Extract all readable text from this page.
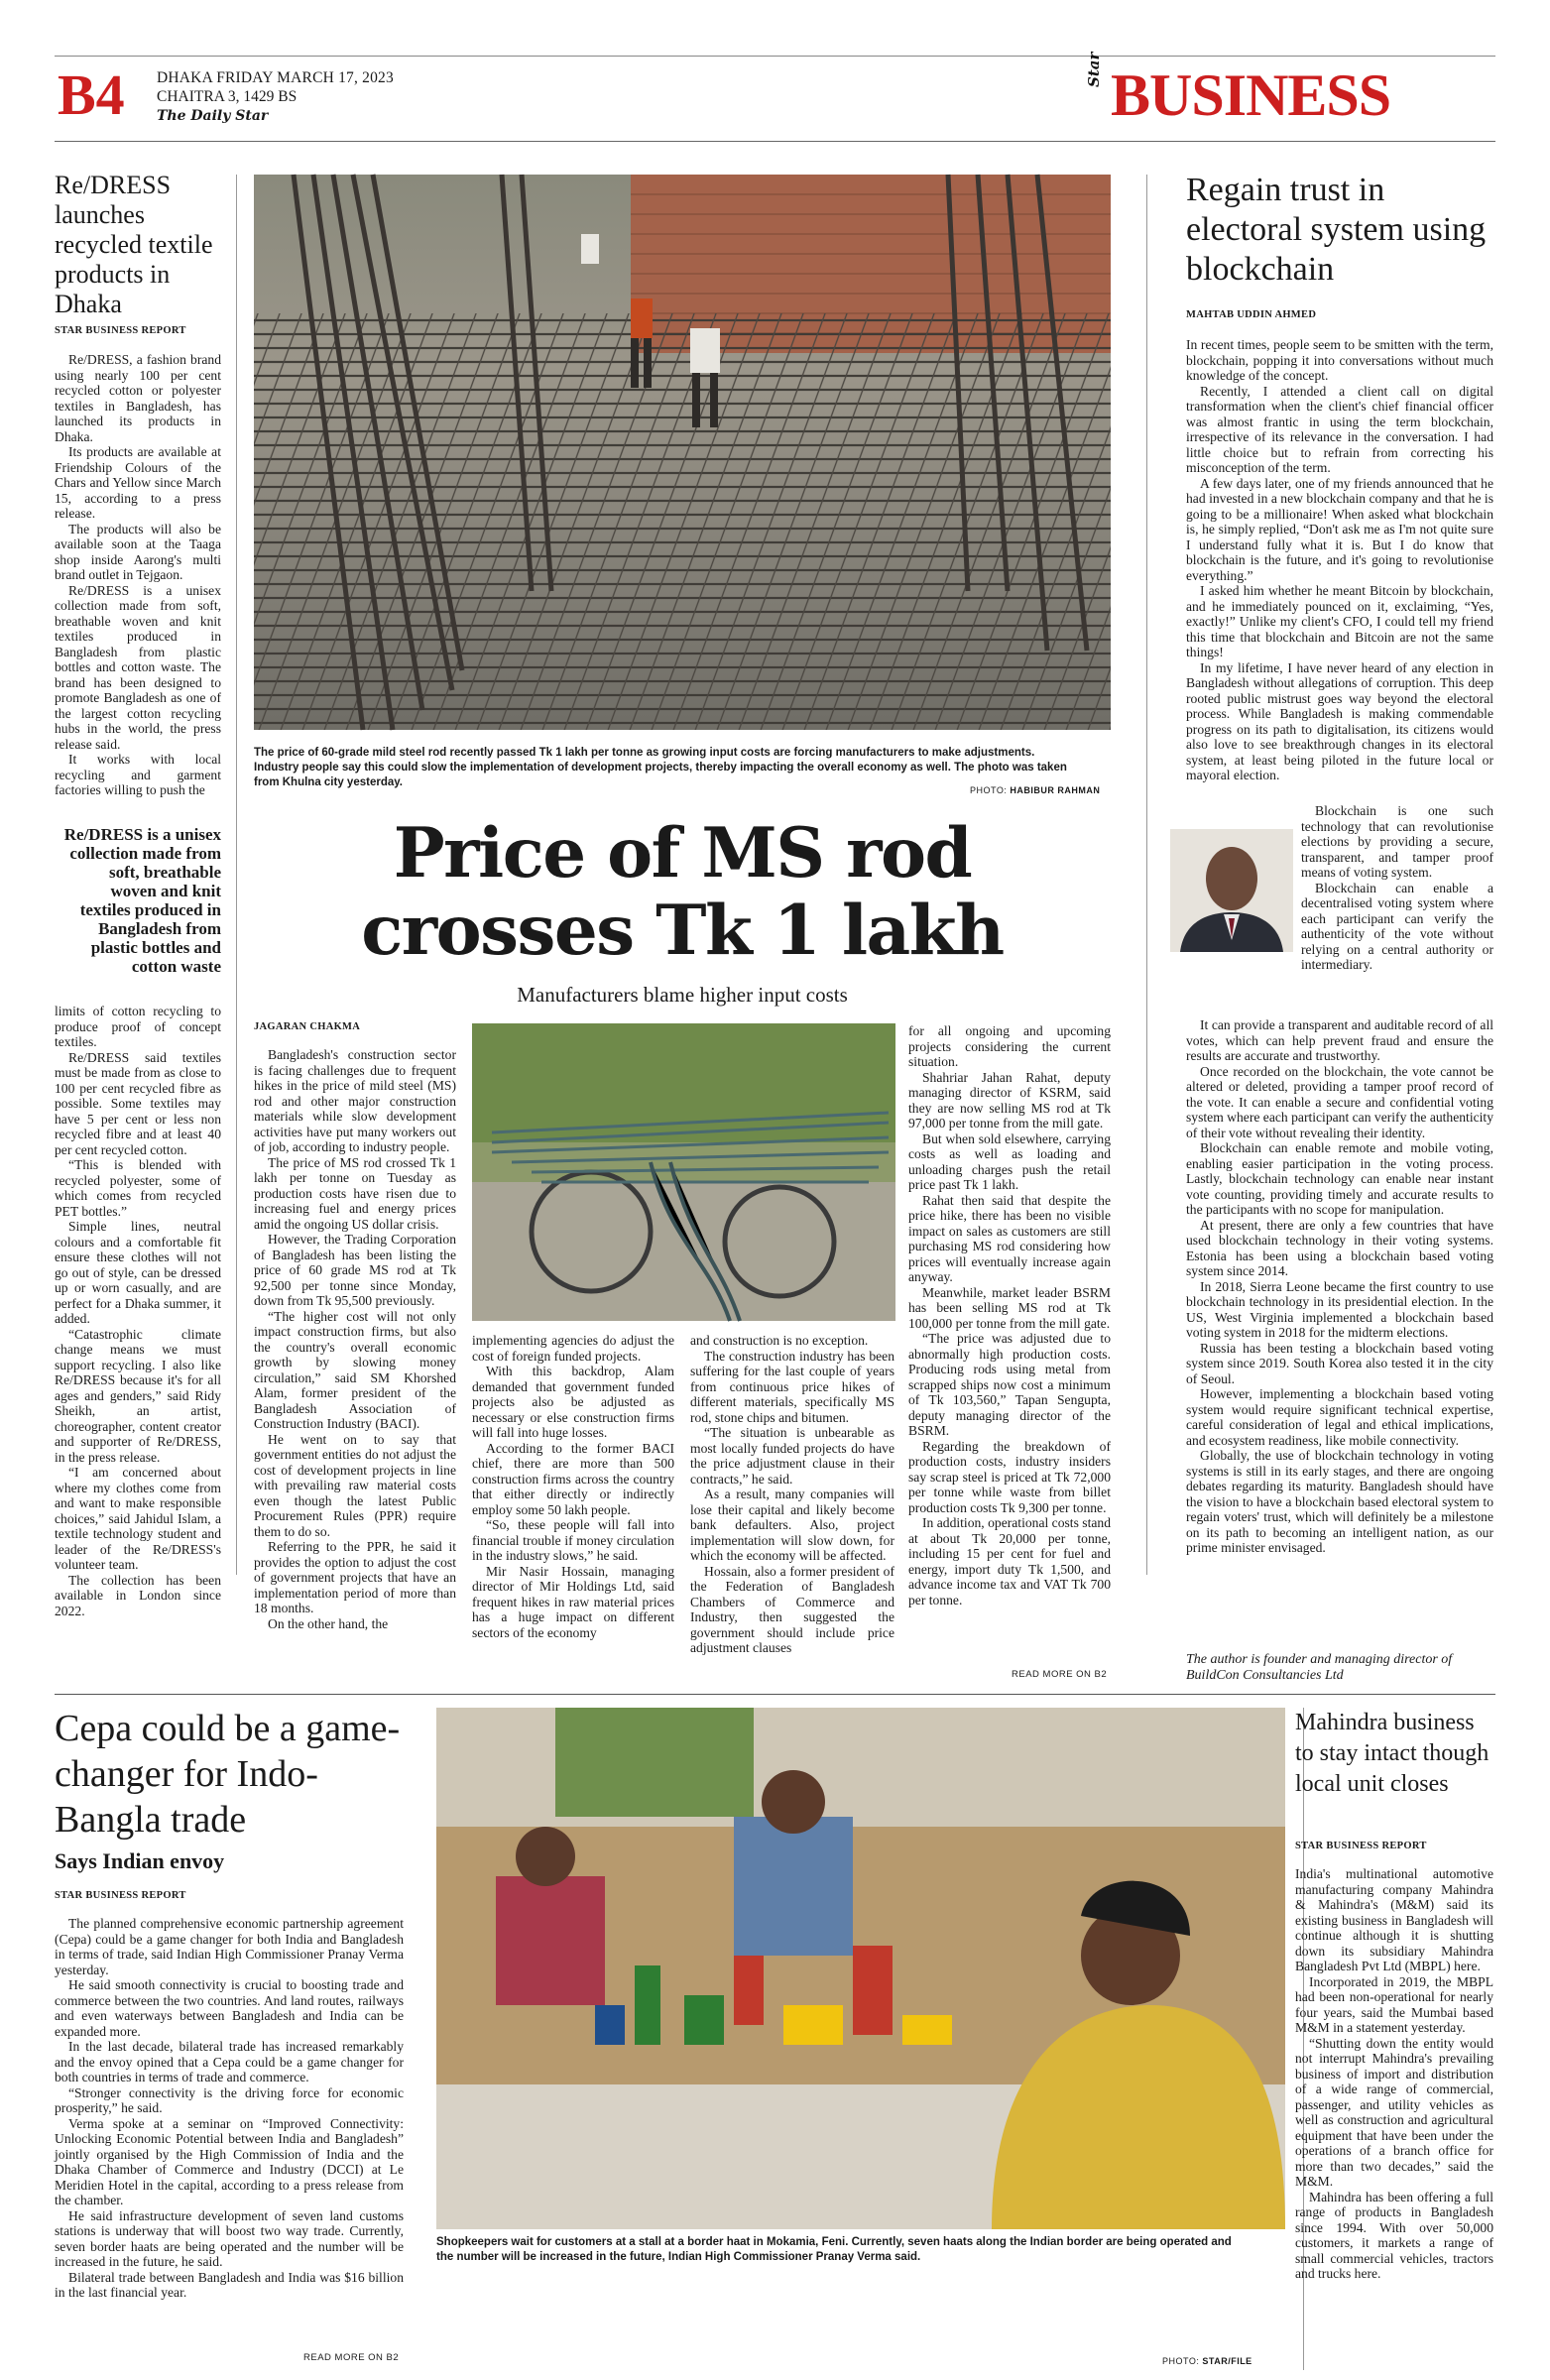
B4 DHAKA FRIDAY MARCH 17, 2023
CHAITRA 3, 1429 BS
The Daily Star
Star BUSINESS
Re/DRESS launches recycled textile products in Dhaka
STAR BUSINESS REPORT

Re/DRESS, a fashion brand using nearly 100 per cent recycled cotton or polyester textiles in Bangladesh, has launched its products in Dhaka.

Its products are available at Friendship Colours of the Chars and Yellow since March 15, according to a press release.

The products will also be available soon at the Taaga shop inside Aarong's multi brand outlet in Tejgaon.

Re/DRESS is a unisex collection made from soft, breathable woven and knit textiles produced in Bangladesh from plastic bottles and cotton waste. The brand has been designed to promote Bangladesh as one of the largest cotton recycling hubs in the world, the press release said.

It works with local recycling and garment factories willing to push the

Re/DRESS is a unisex collection made from soft, breathable woven and knit textiles produced in Bangladesh from plastic bottles and cotton waste

limits of cotton recycling to produce proof of concept textiles.

Re/DRESS said textiles must be made from as close to 100 per cent recycled fibre as possible. Some textiles may have 5 per cent or less non recycled fibre and at least 40 per cent recycled cotton.

“This is blended with recycled polyester, some of which comes from recycled PET bottles.”

Simple lines, neutral colours and a comfortable fit ensure these clothes will not go out of style, can be dressed up or worn casually, and are perfect for a Dhaka summer, it added.

“Catastrophic climate change means we must support recycling. I also like Re/DRESS because it's for all ages and genders,” said Ridy Sheikh, an artist, choreographer, content creator and supporter of Re/DRESS, in the press release.

“I am concerned about where my clothes come from and want to make responsible choices,” said Jahidul Islam, a textile technology student and leader of the Re/DRESS's volunteer team.

The collection has been available in London since 2022.

The price of 60-grade mild steel rod recently passed Tk 1 lakh per tonne as growing input costs are forcing manufacturers to make adjustments. Industry people say this could slow the implementation of development projects, thereby impacting the overall economy as well. The photo was taken from Khulna city yesterday.
PHOTO: HABIBUR RAHMAN
Price of MS rod
crosses Tk 1 lakh
Manufacturers blame higher input costs
JAGARAN CHAKMA

Bangladesh's construction sector is facing challenges due to frequent hikes in the price of mild steel (MS) rod and other major construction materials while slow development activities have put many workers out of job, according to industry people.

The price of MS rod crossed Tk 1 lakh per tonne on Tuesday as production costs have risen due to increasing fuel and energy prices amid the ongoing US dollar crisis.

However, the Trading Corporation of Bangladesh has been listing the price of 60 grade MS rod at Tk 92,500 per tonne since Monday, down from Tk 95,500 previously.

“The higher cost will not only impact construction firms, but also the country's overall economic growth by slowing money circulation,” said SM Khorshed Alam, former president of the Bangladesh Association of Construction Industry (BACI).

He went on to say that government entities do not adjust the cost of development projects in line with prevailing raw material costs even though the latest Public Procurement Rules (PPR) require them to do so.

Referring to the PPR, he said it provides the option to adjust the cost of government projects that have an implementation period of more than 18 months.

On the other hand, the

implementing agencies do adjust the cost of foreign funded projects.

With this backdrop, Alam demanded that government funded projects also be adjusted as necessary or else construction firms will fall into huge losses.

According to the former BACI chief, there are more than 500 construction firms across the country that either directly or indirectly employ some 50 lakh people.

“So, these people will fall into financial trouble if money circulation in the industry slows,” he said.

Mir Nasir Hossain, managing director of Mir Holdings Ltd, said frequent hikes in raw material prices has a huge impact on different sectors of the economy

and construction is no exception.

The construction industry has been suffering for the last couple of years from continuous price hikes of different materials, specifically MS rod, stone chips and bitumen.

“The situation is unbearable as most locally funded projects do have the price adjustment clause in their contracts,” he said.

As a result, many companies will lose their capital and likely become bank defaulters. Also, project implementation will slow down, for which the economy will be affected.

Hossain, also a former president of the Federation of Bangladesh Chambers of Commerce and Industry, then suggested the government should include price adjustment clauses

for all ongoing and upcoming projects considering the current situation.

Shahriar Jahan Rahat, deputy managing director of KSRM, said they are now selling MS rod at Tk 97,000 per tonne from the mill gate.

But when sold elsewhere, carrying costs as well as loading and unloading charges push the retail price past Tk 1 lakh.

Rahat then said that despite the price hike, there has been no visible impact on sales as customers are still purchasing MS rod considering how prices will eventually increase again anyway.

Meanwhile, market leader BSRM has been selling MS rod at Tk 100,000 per tonne from the mill gate.

“The price was adjusted due to abnormally high production costs. Producing rods using metal from scrapped ships now cost a minimum of Tk 103,560,” Tapan Sengupta, deputy managing director of the BSRM.

Regarding the breakdown of production costs, industry insiders say scrap steel is priced at Tk 72,000 per tonne while waste from billet production costs Tk 9,300 per tonne.

In addition, operational costs stand at about Tk 20,000 per tonne, including 15 per cent for fuel and energy, import duty Tk 1,500, and advance income tax and VAT Tk 700 per tonne.

READ MORE ON B2
Regain trust in electoral system using blockchain
MAHTAB UDDIN AHMED

In recent times, people seem to be smitten with the term, blockchain, popping it into conversations without much knowledge of the concept.

Recently, I attended a client call on digital transformation when the client's chief financial officer was almost frantic in using the term blockchain, irrespective of its relevance in the conversation. I had little choice but to refrain from correcting his misconception of the term.

A few days later, one of my friends announced that he had invested in a new blockchain company and that he is going to be a millionaire! When asked what blockchain is, he simply replied, “Don't ask me as I'm not quite sure I understand fully what it is. But I do know that blockchain is the future, and it's going to revolutionise everything.”

I asked him whether he meant Bitcoin by blockchain, and he immediately pounced on it, exclaiming, “Yes, exactly!” Unlike my client's CFO, I could tell my friend this time that blockchain and Bitcoin are not the same things!

In my lifetime, I have never heard of any election in Bangladesh without allegations of corruption. This deep rooted public mistrust goes way beyond the electoral process. While Bangladesh is making commendable progress on its path to digitalisation, its citizens would also love to see breakthrough changes in its electoral system, at least being piloted in the future local or mayoral election.

Blockchain is one such technology that can revolutionise elections by providing a secure, transparent, and tamper proof means of voting system.

Blockchain can enable a decentralised voting system where each participant can verify the authenticity of the vote without relying on a central authority or intermediary.

It can provide a transparent and auditable record of all votes, which can help prevent fraud and ensure the results are accurate and trustworthy.

Once recorded on the blockchain, the vote cannot be altered or deleted, providing a tamper proof record of the vote. It can enable a secure and confidential voting system where each participant can verify the authenticity of their vote without revealing their identity.

Blockchain can enable remote and mobile voting, enabling easier participation in the voting process. Lastly, blockchain technology can enable near instant vote counting, providing timely and accurate results to the participants with no scope for manipulation.

At present, there are only a few countries that have used blockchain technology in their voting systems. Estonia has been using a blockchain based voting system since 2014.

In 2018, Sierra Leone became the first country to use blockchain technology in its presidential election. In the US, West Virginia implemented a blockchain based voting system in 2018 for the midterm elections.

Russia has been testing a blockchain based voting system since 2019. South Korea also tested it in the city of Seoul.

However, implementing a blockchain based voting system would require significant technical expertise, careful consideration of legal and ethical implications, and ecosystem readiness, like mobile connectivity.

Globally, the use of blockchain technology in voting systems is still in its early stages, and there are ongoing debates regarding its maturity. Bangladesh should have the vision to have a blockchain based electoral system to regain voters' trust, which will definitely be a milestone on its path to becoming an intelligent nation, as our prime minister envisaged.

The author is founder and managing director of BuildCon Consultancies Ltd
Cepa could be a game-changer for Indo-Bangla trade
Says Indian envoy
STAR BUSINESS REPORT

The planned comprehensive economic partnership agreement (Cepa) could be a game changer for both India and Bangladesh in terms of trade, said Indian High Commissioner Pranay Verma yesterday.

He said smooth connectivity is crucial to boosting trade and commerce between the two countries. And land routes, railways and even waterways between Bangladesh and India can be expanded more.

In the last decade, bilateral trade has increased remarkably and the envoy opined that a Cepa could be a game changer for both countries in terms of trade and commerce.

“Stronger connectivity is the driving force for economic prosperity,” he said.

Verma spoke at a seminar on “Improved Connectivity: Unlocking Economic Potential between India and Bangladesh” jointly organised by the High Commission of India and the Dhaka Chamber of Commerce and Industry (DCCI) at Le Meridien Hotel in the capital, according to a press release from the chamber.

He said infrastructure development of seven land customs stations is underway that will boost two way trade. Currently, seven border haats are being operated and the number will be increased in the future, he said.

Bilateral trade between Bangladesh and India was $16 billion in the last financial year.

READ MORE ON B2
Shopkeepers wait for customers at a stall at a border haat in Mokamia, Feni. Currently, seven haats along the Indian border are being operated and the number will be increased in the future, Indian High Commissioner Pranay Verma said.
PHOTO: STAR/FILE
Mahindra business to stay intact though local unit closes
STAR BUSINESS REPORT

India's multinational automotive manufacturing company Mahindra & Mahindra's (M&M) said its existing business in Bangladesh will continue although it is shutting down its subsidiary Mahindra Bangladesh Pvt Ltd (MBPL) here.

Incorporated in 2019, the MBPL had been non-operational for nearly four years, said the Mumbai based M&M in a statement yesterday.

“Shutting down the entity would not interrupt Mahindra's prevailing business of import and distribution of a wide range of commercial, passenger, and utility vehicles as well as construction and agricultural equipment that have been under the operations of a branch office for more than two decades,” said the M&M.

Mahindra has been offering a full range of products in Bangladesh since 1994. With over 50,000 customers, it markets a range of small commercial vehicles, tractors and trucks here.
